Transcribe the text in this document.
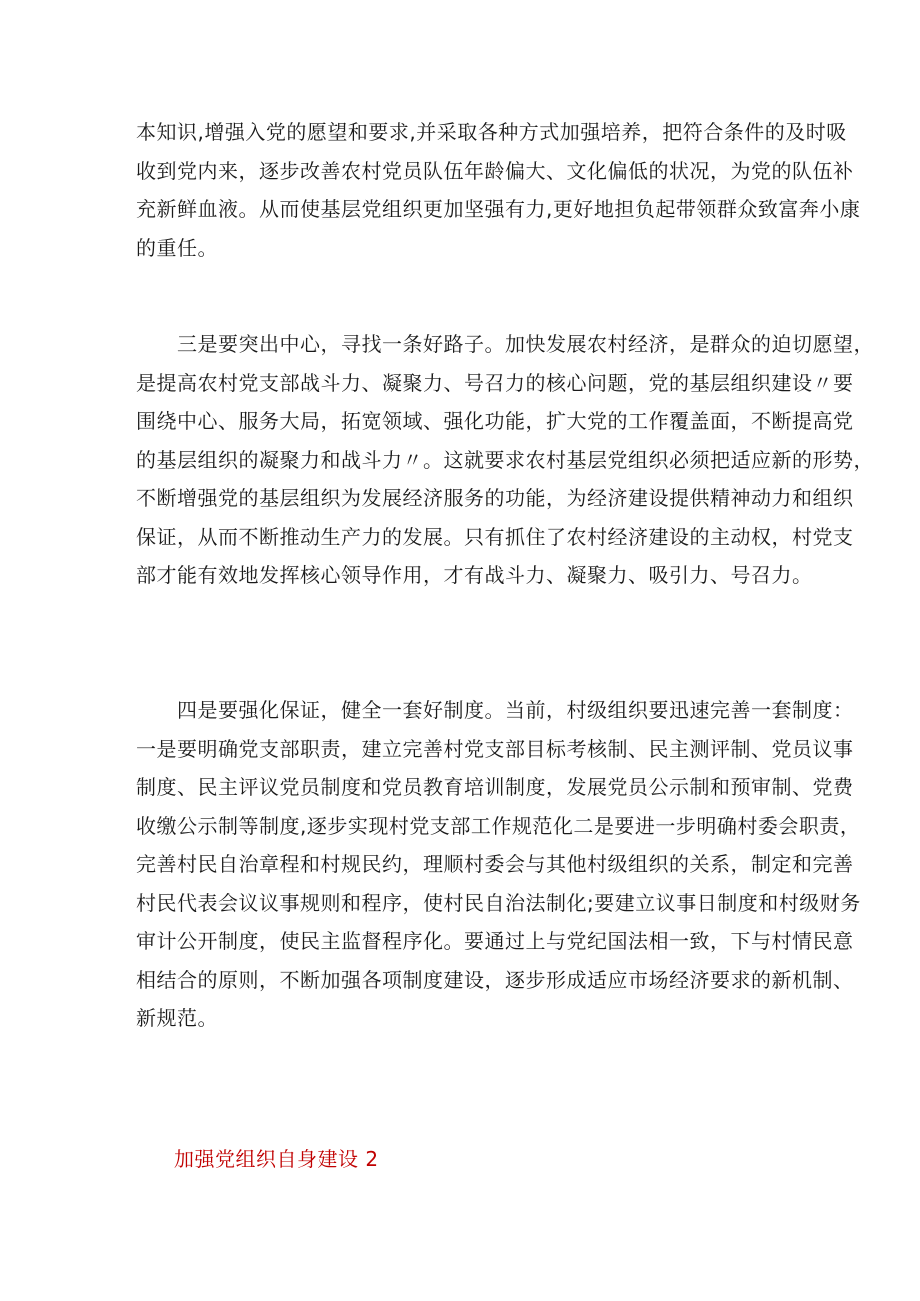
本知识,增强入党的愿望和要求,并采取各种方式加强培养，把符合条件的及时吸
收到党内来，逐步改善农村党员队伍年龄偏大、文化偏低的状况，为党的队伍补
充新鲜血液。从而使基层党组织更加坚强有力,更好地担负起带领群众致富奔小康
的重任。

　　三是要突出中心，寻找一条好路子。加快发展农村经济，是群众的迫切愿望，
是提高农村党支部战斗力、凝聚力、号召力的核心问题，党的基层组织建设〃要
围绕中心、服务大局，拓宽领域、强化功能，扩大党的工作覆盖面，不断提高党
的基层组织的凝聚力和战斗力〃。这就要求农村基层党组织必须把适应新的形势，
不断增强党的基层组织为发展经济服务的功能，为经济建设提供精神动力和组织
保证，从而不断推动生产力的发展。只有抓住了农村经济建设的主动权，村党支
部才能有效地发挥核心领导作用，才有战斗力、凝聚力、吸引力、号召力。

　　四是要强化保证，健全一套好制度。当前，村级组织要迅速完善一套制度：
一是要明确党支部职责，建立完善村党支部目标考核制、民主测评制、党员议事
制度、民主评议党员制度和党员教育培训制度，发展党员公示制和预审制、党费
收缴公示制等制度,逐步实现村党支部工作规范化二是要进一步明确村委会职责，
完善村民自治章程和村规民约，理顺村委会与其他村级组织的关系，制定和完善
村民代表会议议事规则和程序，使村民自治法制化;要建立议事日制度和村级财务
审计公开制度，使民主监督程序化。要通过上与党纪国法相一致，下与村情民意
相结合的原则，不断加强各项制度建设，逐步形成适应市场经济要求的新机制、
新规范。

加强党组织自身建设 2
